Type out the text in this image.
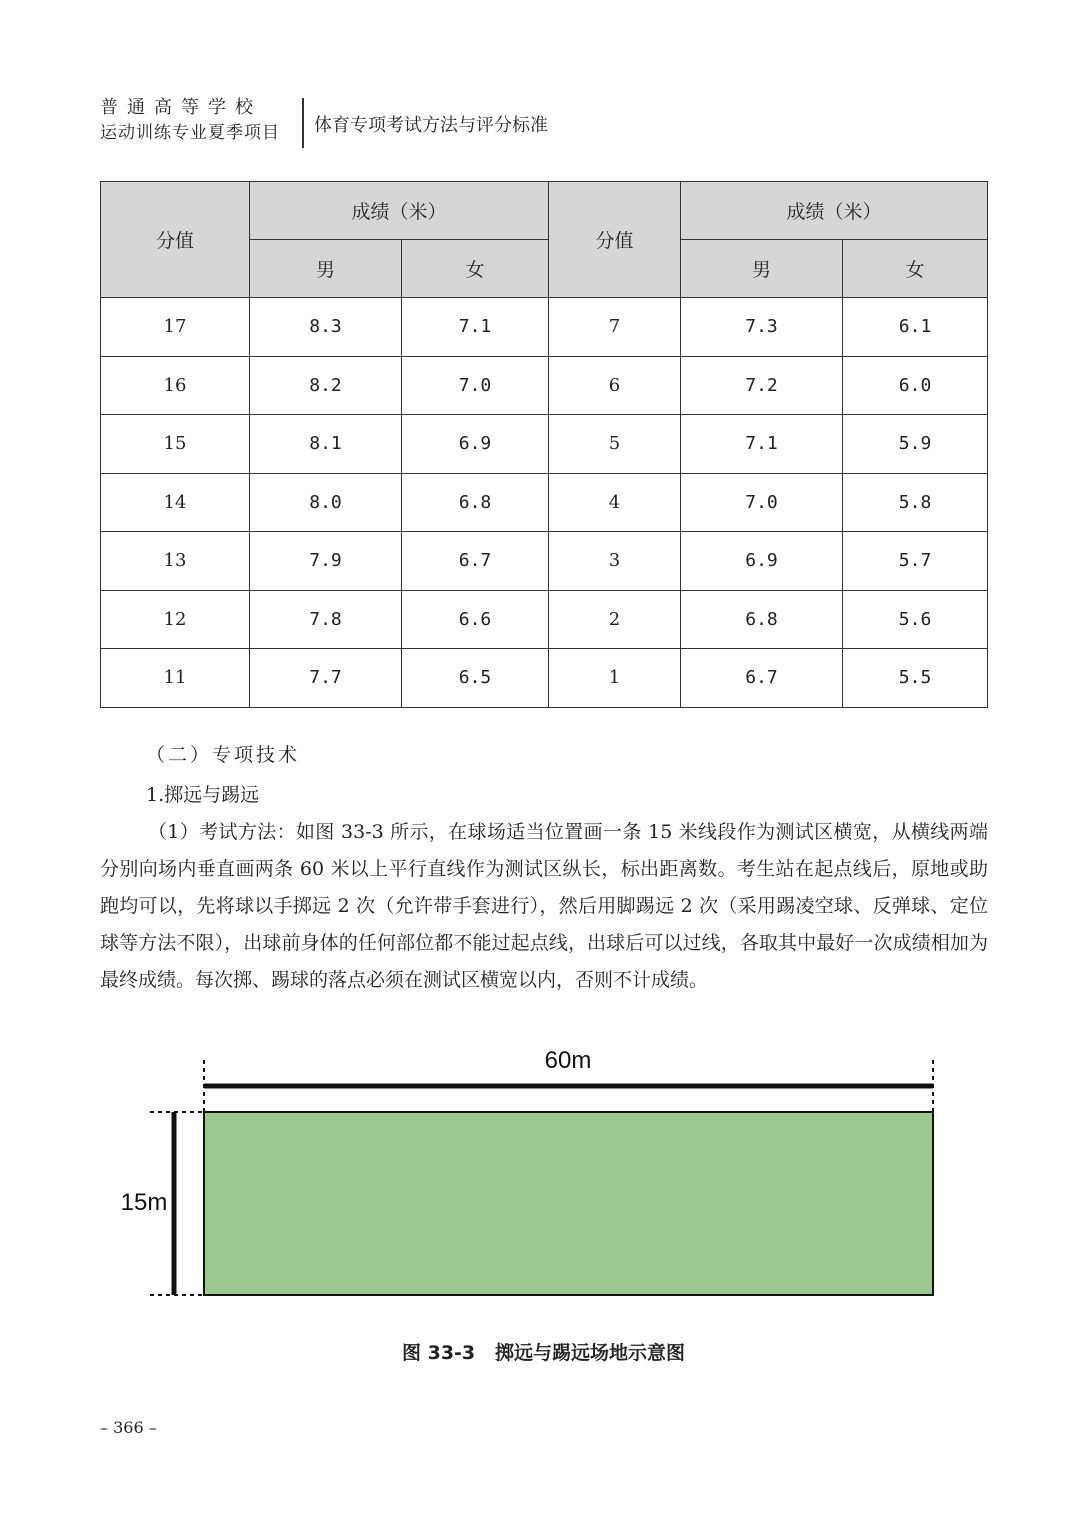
普通高等学校
运动训练专业夏季项目	体育专项考试方法与评分标准
分值	成绩（米）		分值	成绩（米）	
	男	女		男	女
17	8.3	7.1	7	7.3	6.1
16	8.2	7.0	6	7.2	6.0
15	8.1	6.9	5	7.1	5.9
14	8.0	6.8	4	7.0	5.8
13	7.9	6.7	3	6.9	5.7
12	7.8	6.6	2	6.8	5.6
11	7.7	6.5	1	6.7	5.5
（二）专项技术
1.掷远与踢远

（1）考试方法：如图 33-3 所示，在球场适当位置画一条 15 米线段作为测试区横宽，从横线两端分别向场内垂直画两条 60 米以上平行直线作为测试区纵长，标出距离数。考生站在起点线后，原地或助跑均可以，先将球以手掷远 2 次（允许带手套进行），然后用脚踢远 2 次（采用踢凌空球、反弹球、定位球等方法不限），出球前身体的任何部位都不能过起点线，出球后可以过线，各取其中最好一次成绩相加为最终成绩。每次掷、踢球的落点必须在测试区横宽以内，否则不计成绩。

60m
15m
图 33-3   掷远与踢远场地示意图
– 366 –
